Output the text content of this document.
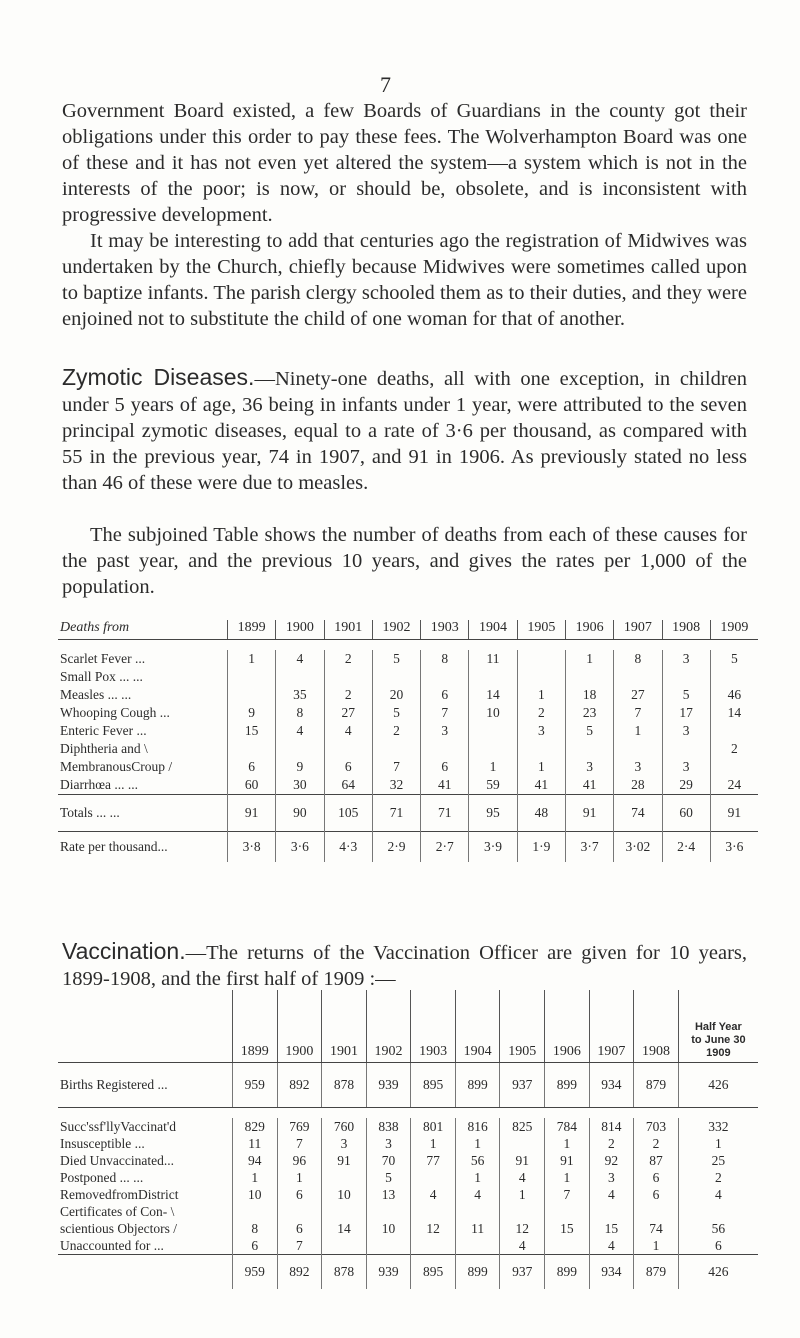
7

Government Board existed, a few Boards of Guardians in the county got their obligations under this order to pay these fees. The Wolverhampton Board was one of these and it has not even yet altered the system—a system which is not in the interests of the poor; is now, or should be, obsolete, and is inconsistent with progressive development.

It may be interesting to add that centuries ago the registration of Midwives was undertaken by the Church, chiefly because Midwives were sometimes called upon to baptize infants. The parish clergy schooled them as to their duties, and they were enjoined not to substitute the child of one woman for that of another.

Zymotic Diseases.—Ninety-one deaths, all with one exception, in children under 5 years of age, 36 being in infants under 1 year, were attributed to the seven principal zymotic diseases, equal to a rate of 3·6 per thousand, as compared with 55 in the previous year, 74 in 1907, and 91 in 1906. As previously stated no less than 46 of these were due to measles.

The subjoined Table shows the number of deaths from each of these causes for the past year, and the previous 10 years, and gives the rates per 1,000 of the population.

Deaths from	1899	1900	1901	1902	1903	1904	1905	1906	1907	1908	1909

Scarlet Fever ...	1	4	2	5	8	11		1	8	3	5
Small Pox ... ...											
Measles ... ...		35	2	20	6	14	1	18	27	5	46
Whooping Cough ...	9	8	27	5	7	10	2	23	7	17	14
Enteric Fever ...	15	4	4	2	3		3	5	1	3	
Diphtheria and \											2
MembranousCroup /	6	9	6	7	6	1	1	3	3	3	
Diarrhœa ... ...	60	30	64	32	41	59	41	41	28	29	24
Totals ... ...	91	90	105	71	71	95	48	91	74	60	91
Rate per thousand...	3·8	3·6	4·3	2·9	2·7	3·9	1·9	3·7	3·02	2·4	3·6

Vaccination.—The returns of the Vaccination Officer are given for 10 years, 1899-1908, and the first half of 1909 :—

	1899	1900	1901	1902	1903	1904	1905	1906	1907	1908	Half Year
to June 30
1909

Births Registered ...	959	892	878	939	895	899	937	899	934	879	426

Succ'ssf'llyVaccinat'd	829	769	760	838	801	816	825	784	814	703	332
Insusceptible ...	11	7	3	3	1	1		1	2	2	1
Died Unvaccinated...	94	96	91	70	77	56	91	91	92	87	25
Postponed ... ...	1	1		5		1	4	1	3	6	2
RemovedfromDistrict	10	6	10	13	4	4	1	7	4	6	4
Certificates of Con- \											
scientious Objectors /	8	6	14	10	12	11	12	15	15	74	56
Unaccounted for ...	6	7					4		4	1	6
	959	892	878	939	895	899	937	899	934	879	426
